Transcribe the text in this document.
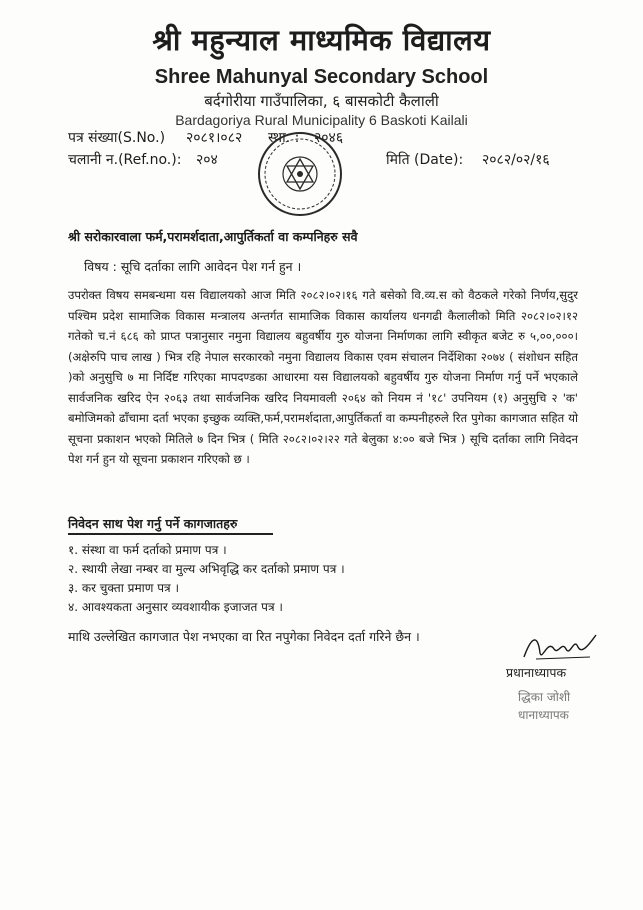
श्री महुन्याल माध्यमिक विद्यालय
Shree Mahunyal Secondary School
बर्दगोरीया गाउँपालिका, ६ बासकोटी कैलाली
Bardagoriya Rural Municipality 6 Baskoti Kailali
पत्र संख्या(S.No.) २०८१।०८२ स्था. : २०४६
चलानी न.(Ref.no.): २०४	मिति (Date): २०८२/०२/१६
श्री सरोकारवाला फर्म,परामर्शदाता,आपुर्तिकर्ता वा कम्पनिहरु सवै
विषय : सूचि दर्ताका लागि आवेदन पेश गर्न हुन ।
उपरोक्त विषय समबन्धमा यस विद्यालयको आज मिति २०८२।०२।१६ गते बसेको वि.व्य.स को वैठकले गरेको निर्णय,सुदुर पश्चिम प्रदेश सामाजिक विकास मन्त्रालय अन्तर्गत सामाजिक विकास कार्यालय धनगढी कैलालीको मिति २०८२।०२।१२ गतेको च.नं ६८६ को प्राप्त पत्रानुसार नमुना विद्यालय बहुवर्षीय गुरु योजना निर्माणका लागि स्वीकृत बजेट रु ५,००,०००। (अक्षेरुपि पाच लाख ) भित्र रहि नेपाल सरकारको नमुना विद्यालय विकास एवम संचालन निर्देशिका २०७४ ( संशोधन सहित )को अनुसुचि ७ मा निर्दिष्ट गरिएका मापदण्डका आधारमा यस विद्यालयको बहुवर्षीय गुरु योजना निर्माण गर्नु पर्ने भएकाले सार्वजनिक खरिद ऐन २०६३ तथा सार्वजनिक खरिद नियमावली २०६४ को नियम नं '१८' उपनियम (१) अनुसुचि २ 'क' बमोजिमको ढाँचामा दर्ता भएका इच्छुक व्यक्ति,फर्म,परामर्शदाता,आपुर्तिकर्ता वा कम्पनीहरुले रित पुगेका कागजात सहित यो सूचना प्रकाशन भएको मितिले ७ दिन भित्र ( मिति २०८२।०२।२२ गते बेलुका ४:०० बजे भित्र ) सूचि दर्ताका लागि निवेदन पेश गर्न हुन यो सूचना प्रकाशन गरिएको छ ।
निवेदन साथ पेश गर्नु पर्ने कागजातहरु
१. संस्था वा फर्म दर्ताको प्रमाण पत्र ।
२. स्थायी लेखा नम्बर वा मुल्य अभिवृद्धि कर दर्ताको प्रमाण पत्र ।
३. कर चुक्ता प्रमाण पत्र ।
४. आवश्यकता अनुसार व्यवशायीक इजाजत पत्र ।
माथि उल्लेखित कागजात पेश नभएका वा रित नपुगेका निवेदन दर्ता गरिने छैन ।
प्रधानाध्यापक
द्धिका जोशी
धानाध्यापक
